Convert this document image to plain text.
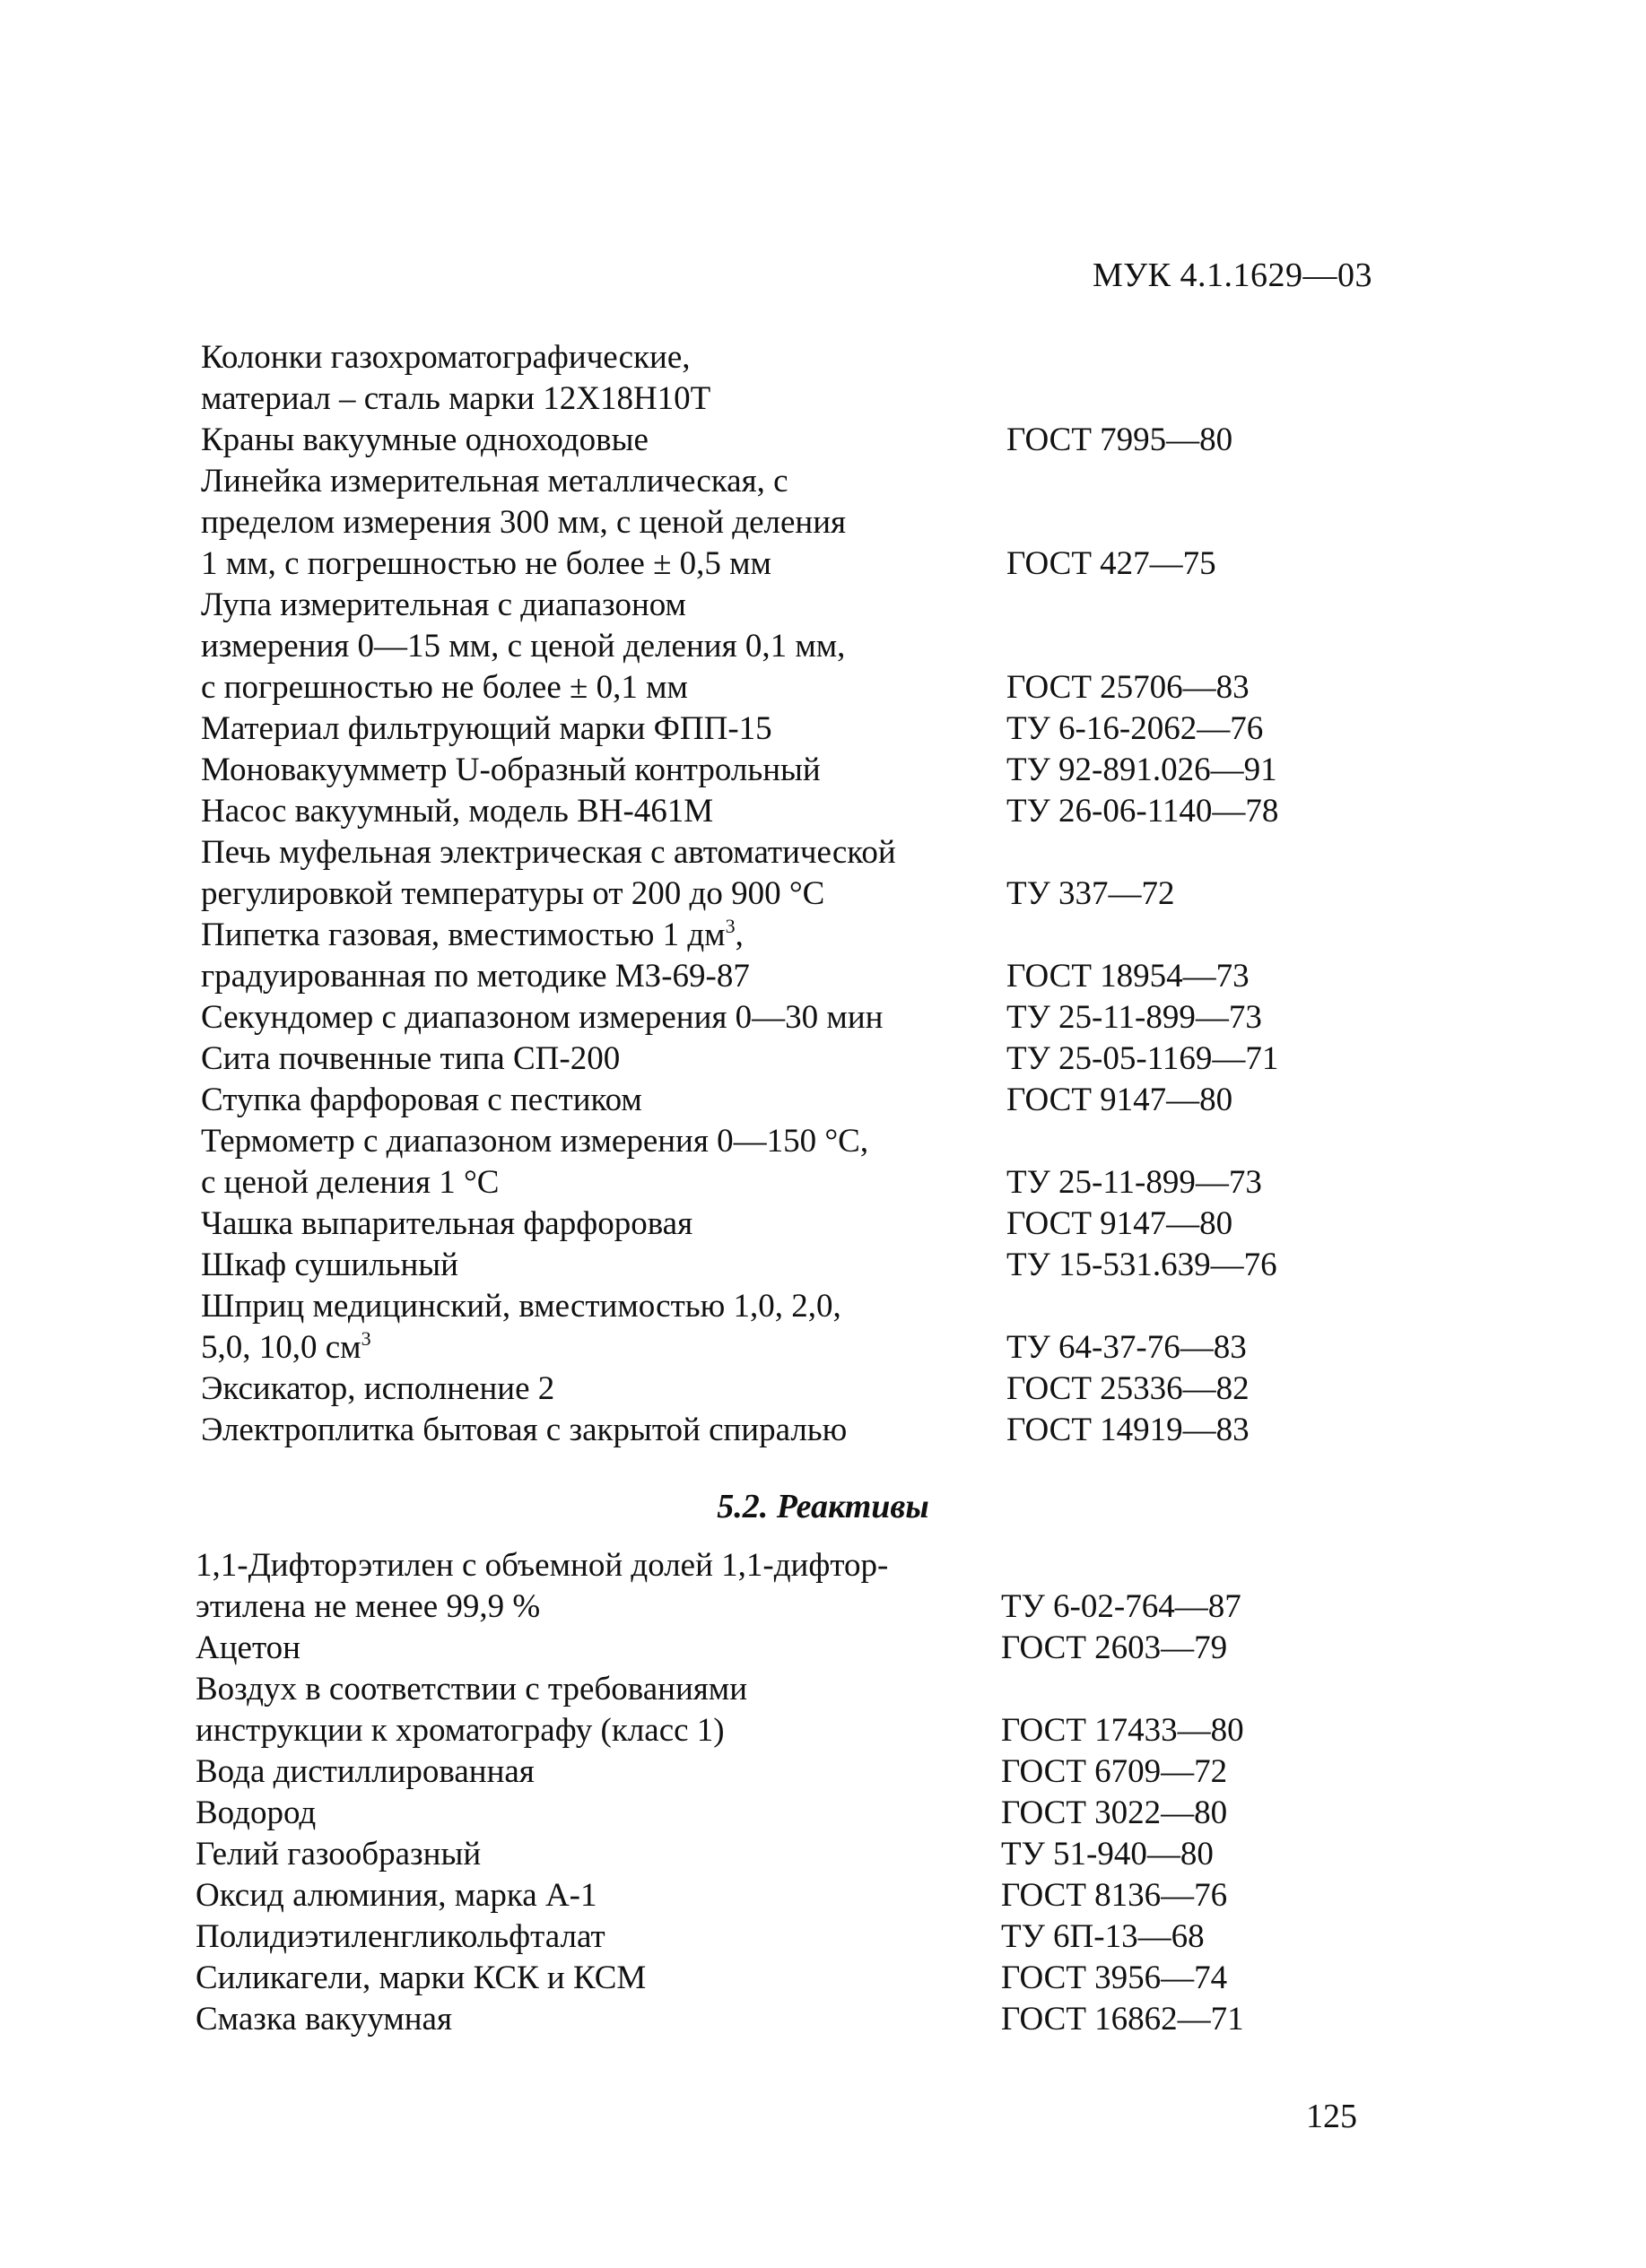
МУК 4.1.1629—03
Колонки газохроматографические,
материал – сталь марки 12Х18Н10Т
Краны вакуумные одноходовые	ГОСТ 7995—80
Линейка измерительная металлическая, с
пределом измерения 300 мм, с ценой деления
1 мм, с погрешностью не более ± 0,5 мм	ГОСТ 427—75
Лупа измерительная с диапазоном
измерения 0—15 мм, с ценой деления 0,1 мм,
с погрешностью не более ± 0,1 мм	ГОСТ 25706—83
Материал фильтрующий марки ФПП-15	ТУ 6-16-2062—76
Моновакуумметр U-образный контрольный	ТУ 92-891.026—91
Насос вакуумный, модель ВН-461М	ТУ 26-06-1140—78
Печь муфельная электрическая с автоматической
регулировкой температуры от 200 до 900 °С	ТУ 337—72
Пипетка газовая, вместимостью 1 $дм^3$,
градуированная по методике МЗ-69-87	ГОСТ 18954—73
Секундомер с диапазоном измерения 0—30 мин	ТУ 25-11-899—73
Сита почвенные типа СП-200	ТУ 25-05-1169—71
Ступка фарфоровая с пестиком	ГОСТ 9147—80
Термометр с диапазоном измерения 0—150 °С,
с ценой деления 1 °С	ТУ 25-11-899—73
Чашка выпарительная фарфоровая	ГОСТ 9147—80
Шкаф сушильный	ТУ 15-531.639—76
Шприц медицинский, вместимостью 1,0, 2,0,
5,0, 10,0 $см^3$	ТУ 64-37-76—83
Эксикатор, исполнение 2	ГОСТ 25336—82
Электроплитка бытовая с закрытой спиралью	ГОСТ 14919—83
5.2. Реактивы
1,1-Дифторэтилен с объемной долей 1,1-дифтор-
этилена не менее 99,9 %	ТУ 6-02-764—87
Ацетон	ГОСТ 2603—79
Воздух в соответствии с требованиями
инструкции к хроматографу (класс 1)	ГОСТ 17433—80
Вода дистиллированная	ГОСТ 6709—72
Водород	ГОСТ 3022—80
Гелий газообразный	ТУ 51-940—80
Оксид алюминия, марка А-1	ГОСТ 8136—76
Полидиэтиленгликольфталат	ТУ 6П-13—68
Силикагели, марки КСК и КСМ	ГОСТ 3956—74
Смазка вакуумная	ГОСТ 16862—71
125
